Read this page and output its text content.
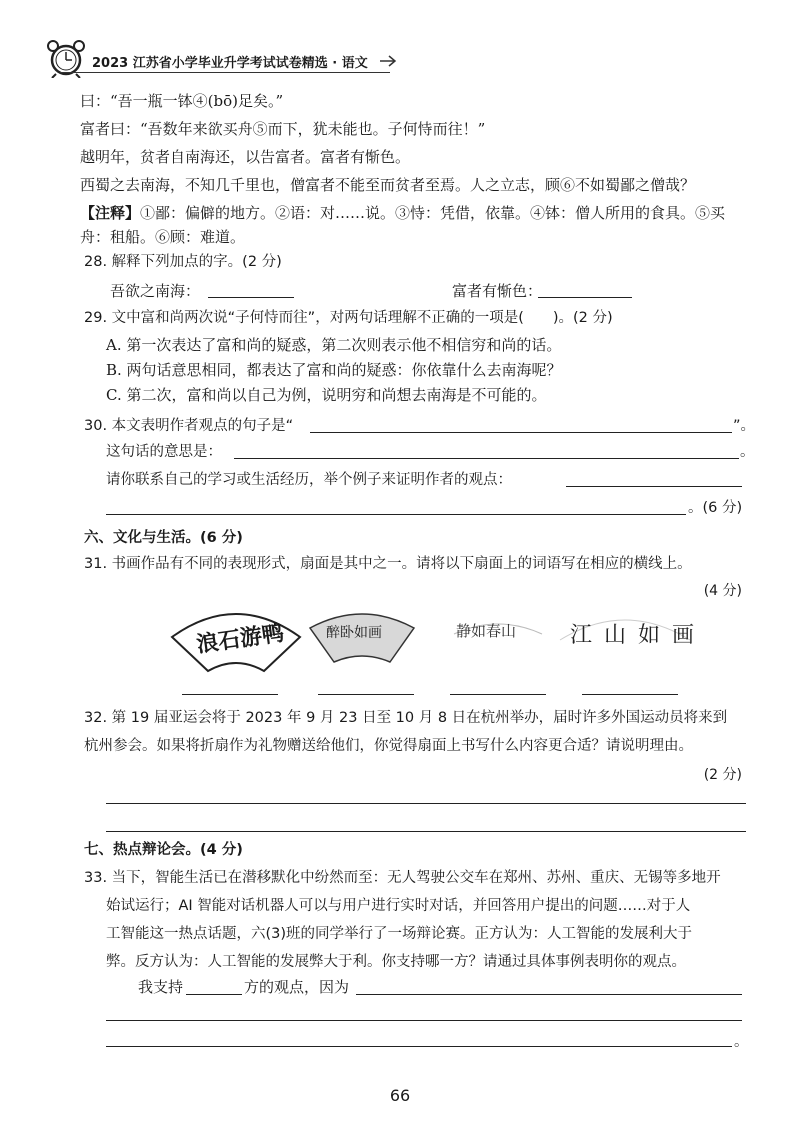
2023 江苏省小学毕业升学考试试卷精选 · 语文
曰：“吾一瓶一钵④(bō)足矣。”
富者曰：“吾数年来欲买舟⑤而下，犹未能也。子何恃而往！”
越明年，贫者自南海还，以告富者。富者有惭色。
西蜀之去南海，不知几千里也，僧富者不能至而贫者至焉。人之立志，顾⑥不如蜀鄙之僧哉？
【注释】①鄙：偏僻的地方。②语：对……说。③恃：凭借，依靠。④钵：僧人所用的食具。⑤买
舟：租船。⑥顾：难道。
28. 解释下列加点的字。(2 分)
吾欲之南海：	富者有惭色：
29. 文中富和尚两次说“子何恃而往”，对两句话理解不正确的一项是(　　)。(2 分)
A. 第一次表达了富和尚的疑惑，第二次则表示他不相信穷和尚的话。
B. 两句话意思相同，都表达了富和尚的疑惑：你依靠什么去南海呢？
C. 第二次，富和尚以自己为例，说明穷和尚想去南海是不可能的。
30. 本文表明作者观点的句子是“	”。
这句话的意思是：	。
请你联系自己的学习或生活经历，举个例子来证明作者的观点：
。(6 分)
六、文化与生活。(6 分)
31. 书画作品有不同的表现形式，扇面是其中之一。请将以下扇面上的词语写在相应的横线上。
(4 分)
浪石游鸭	醉卧如画	静如春山 江山如画
32. 第 19 届亚运会将于 2023 年 9 月 23 日至 10 月 8 日在杭州举办，届时许多外国运动员将来到
杭州参会。如果将折扇作为礼物赠送给他们，你觉得扇面上书写什么内容更合适？请说明理由。
(2 分)
七、热点辩论会。(4 分)
33. 当下，智能生活已在潜移默化中纷然而至：无人驾驶公交车在郑州、苏州、重庆、无锡等多地开
始试运行；AI 智能对话机器人可以与用户进行实时对话，并回答用户提出的问题……对于人
工智能这一热点话题，六(3)班的同学举行了一场辩论赛。正方认为：人工智能的发展利大于
弊。反方认为：人工智能的发展弊大于利。你支持哪一方？请通过具体事例表明你的观点。
我支持	方的观点，因为
。
66
